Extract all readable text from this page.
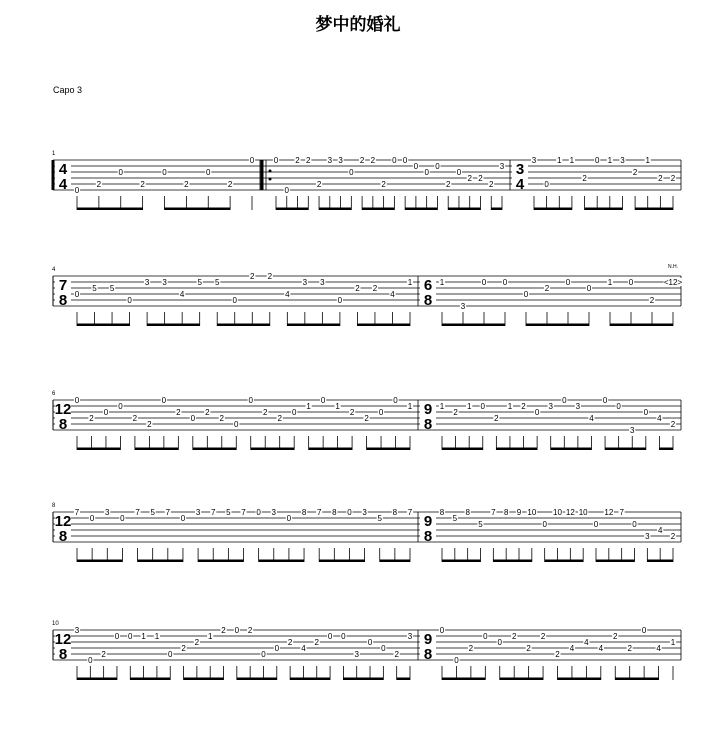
梦中的婚礼
Capo 3
1
4
4 0
2
0
2
0
2
0
2
0 0
0
2 2
2
3 3
0
2 2
2
0 0
0
0
0
2
0
2 2
2
3 3
4
3
0
1 1
2
0 1 3
2
1
2 2
4
7
8 0
5 5
0
3 3
4
5 5
0
2 2
4
3 3
0
2 2
4
1 6
8
1
3
0 0
0
2
0
0
1 0
2
<12>
N.H.
6
12
8
0
2
0
0
2
2
0
2
0
2
2
0
0
2
2
0
1
0
1
2
2
0
0
1 9
8
1
2
1 0
2
1 2
0
3
0
3
4
0
0
3
0
4
2
8
12
8
7
0
3
0
7 5 7
0
3 7 5 7 0 3
0
8 7 8 0 3
5
8 7
9
8
8
5
8
5
7 8 9 10
0
10 12 10
0
12 7
0
3
4
2
10
12
8
3
0
2
0 0 1 1
0
2
2
1
2 0 2
0
0
2
4
2
0 0
3
0
0
2
3 9
8
0
0
2
0
0
2
2
2
2
4
4
4
2
2
0
4
1
